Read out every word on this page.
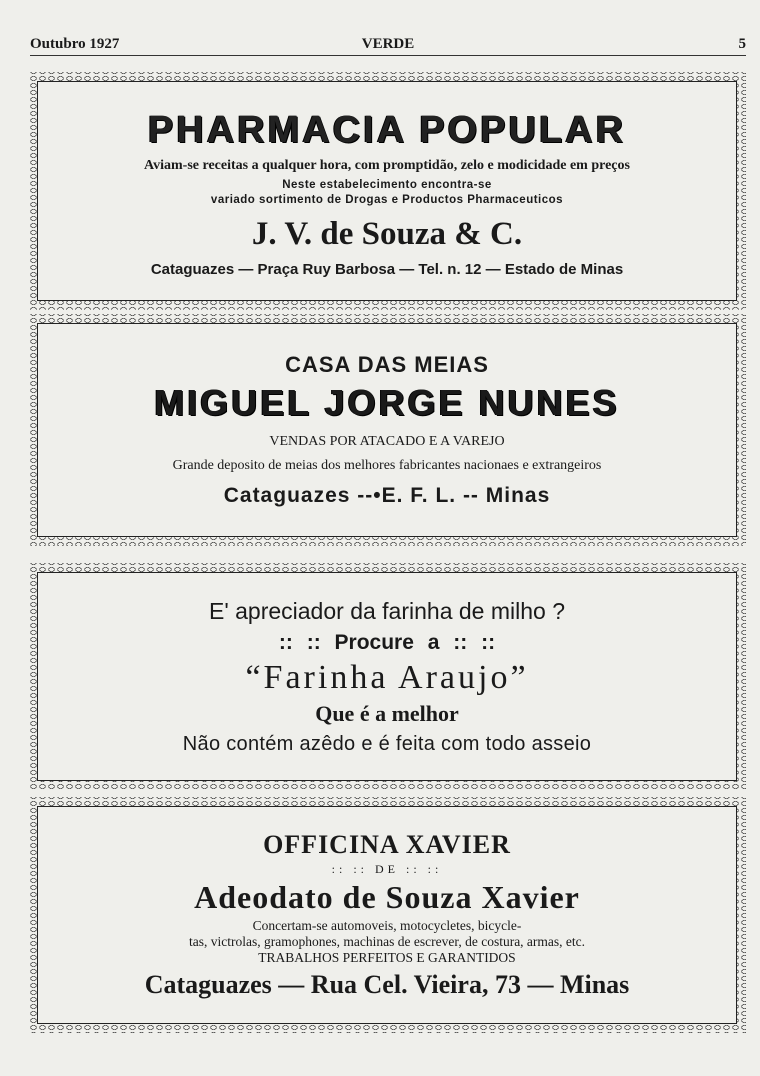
Outubro 1927	VERDE	5
PHARMACIA POPULAR
Aviam-se receitas a qualquer hora, com promptidão, zelo e modicidade em preços
Neste estabelecimento encontra-se
variado sortimento de Drogas e Productos Pharmaceuticos
J. V. de Souza & C.
Cataguazes — Praça Ruy Barbosa — Tel. n. 12 — Estado de Minas
CASA DAS MEIAS
MIGUEL JORGE NUNES
VENDAS POR ATACADO E A VAREJO
Grande deposito de meias dos melhores fabricantes nacionaes e extrangeiros
Cataguazes --•E. F. L. -- Minas
E' apreciador da farinha de milho ?
:: :: Procure a :: ::
“Farinha Araujo”
Que é a melhor
Não contém azêdo e é feita com todo asseio
OFFICINA XAVIER
:: :: DE :: ::
Adeodato de Souza Xavier
Concertam-se automoveis, motocycletes, bicycle-
tas, victrolas, gramophones, machinas de escrever, de costura, armas, etc.
TRABALHOS PERFEITOS E GARANTIDOS
Cataguazes — Rua Cel. Vieira, 73 — Minas
